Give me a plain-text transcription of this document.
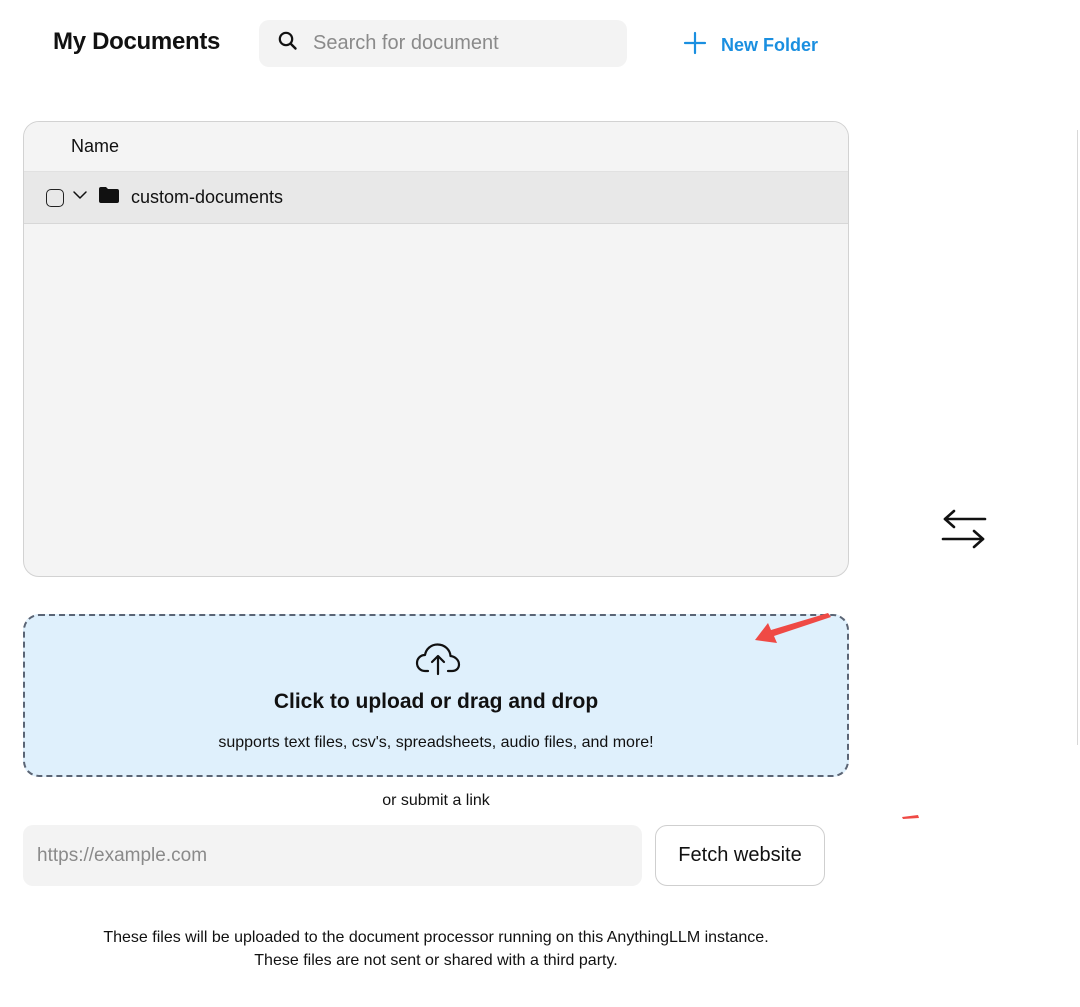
My Documents
Search for document	New Folder
Name
custom-documents
Click to upload or drag and drop
supports text files, csv's, spreadsheets, audio files, and more!
or submit a link
https://example.com
Fetch website
These files will be uploaded to the document processor running on this AnythingLLM instance.
These files are not sent or shared with a third party.
